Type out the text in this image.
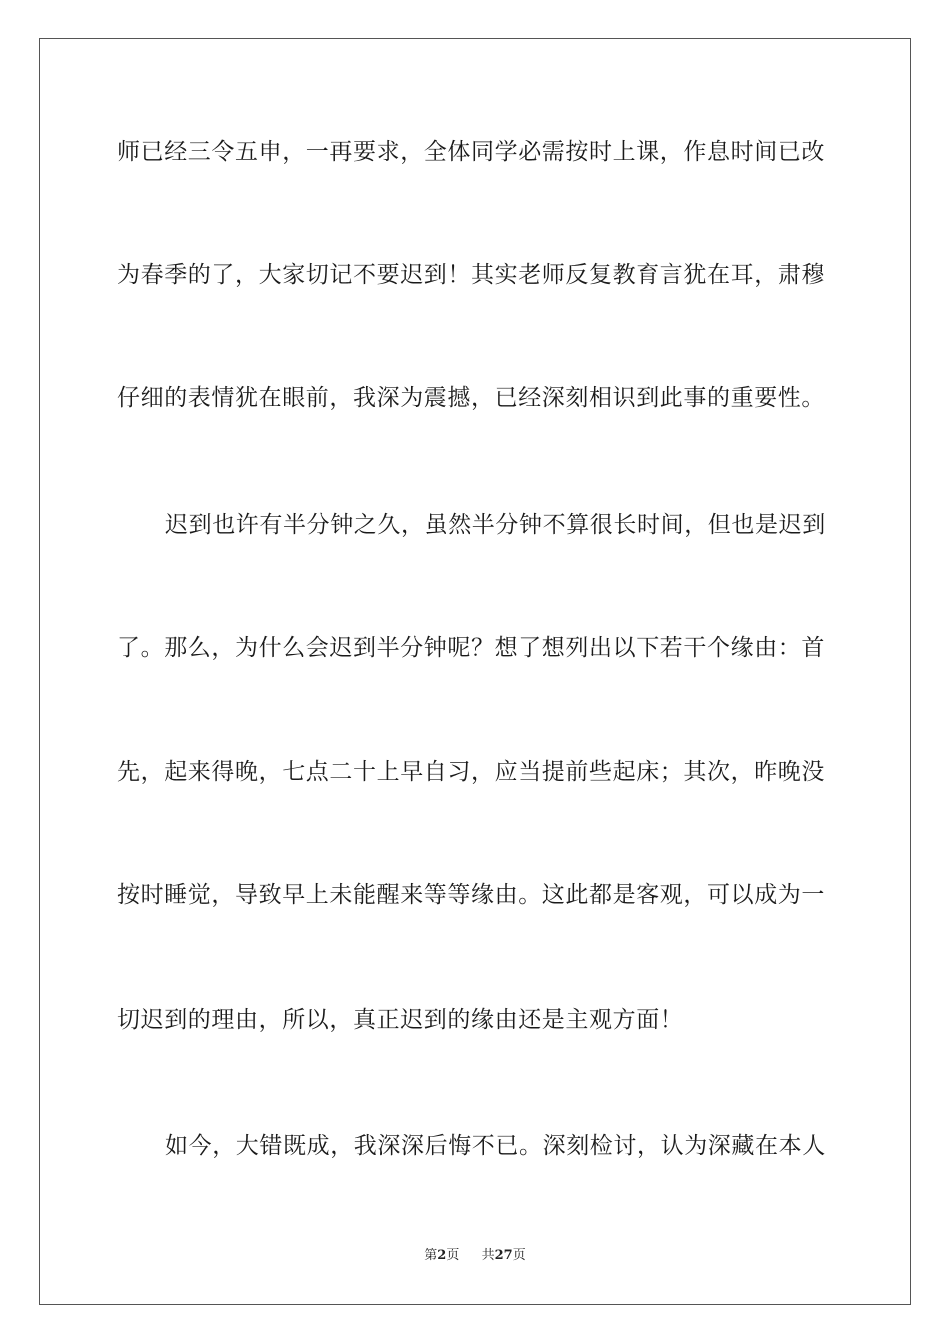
师已经三令五申，一再要求，全体同学必需按时上课，作息时间已改
为春季的了，大家切记不要迟到！其实老师反复教育言犹在耳，肃穆
仔细的表情犹在眼前，我深为震撼，已经深刻相识到此事的重要性。
迟到也许有半分钟之久，虽然半分钟不算很长时间，但也是迟到
了。那么，为什么会迟到半分钟呢？想了想列出以下若干个缘由：首
先，起来得晚，七点二十上早自习，应当提前些起床；其次，昨晚没
按时睡觉，导致早上未能醒来等等缘由。这此都是客观，可以成为一
切迟到的理由，所以，真正迟到的缘由还是主观方面！
如今，大错既成，我深深后悔不已。深刻检讨，认为深藏在本人
第2页 共27页
